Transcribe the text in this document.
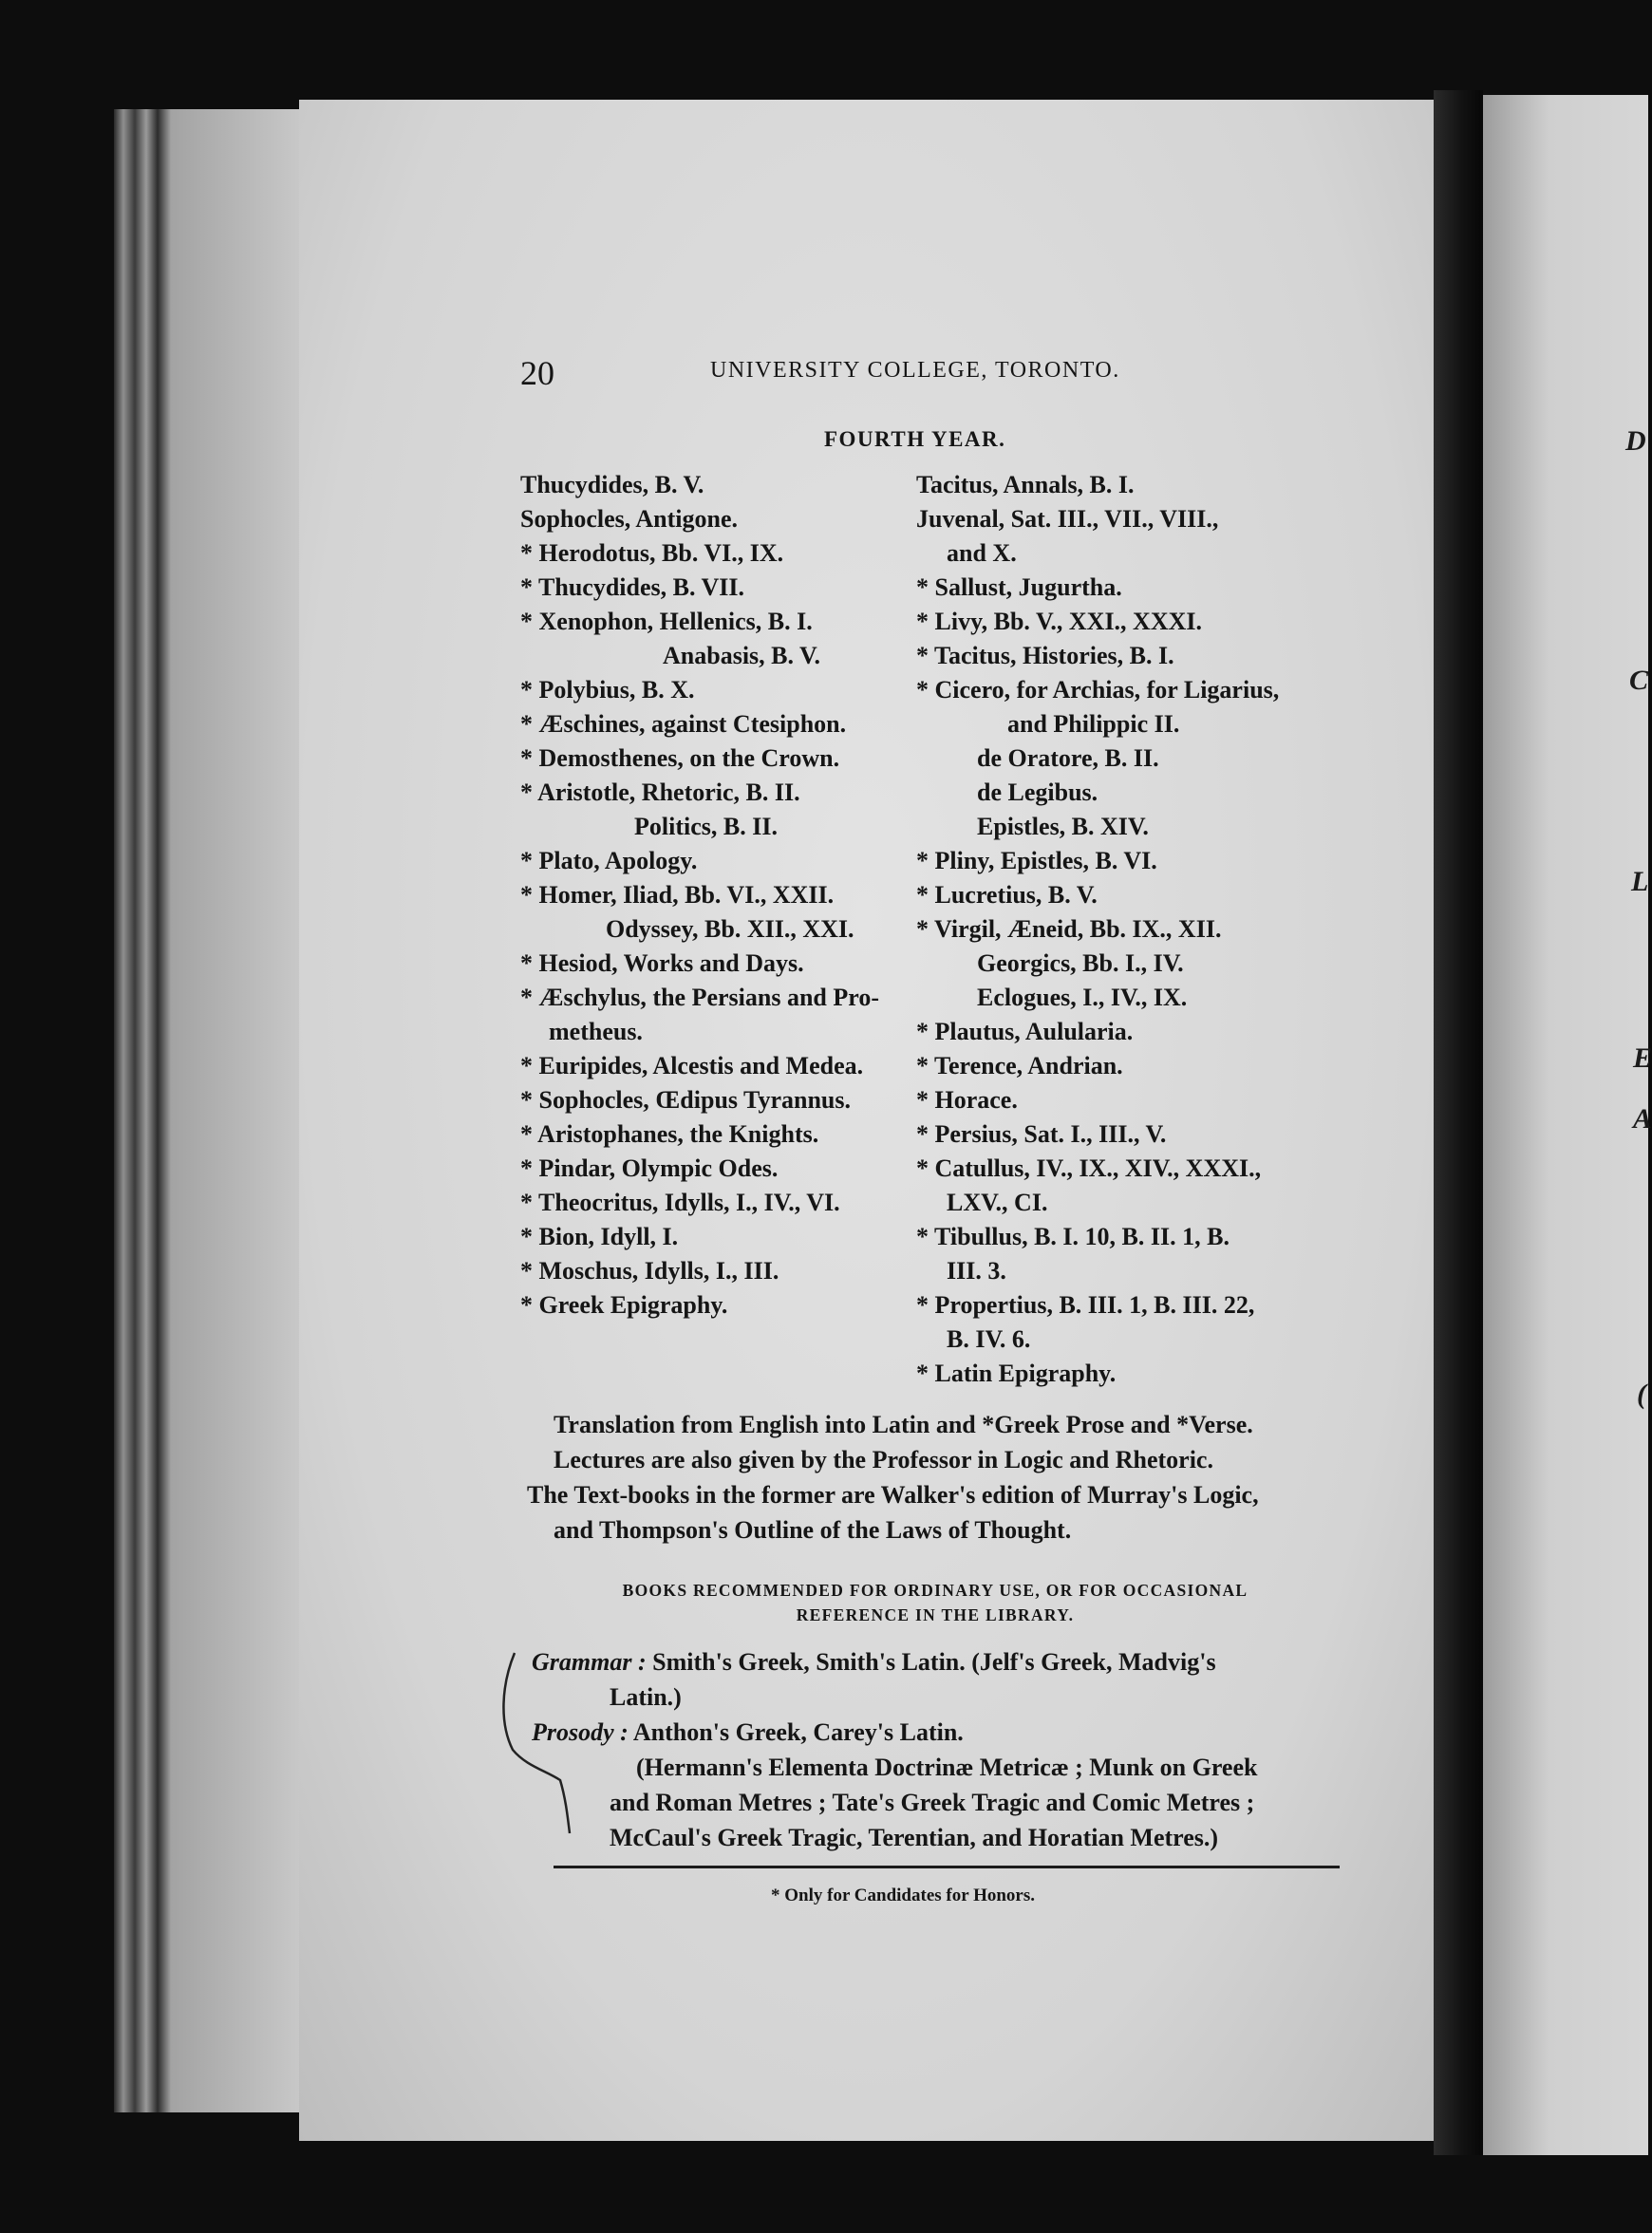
D
C
L
E
A
(
20	UNIVERSITY COLLEGE, TORONTO.
FOURTH YEAR.
Thucydides, B. V.
Sophocles, Antigone.
* Herodotus, Bb. VI., IX.
* Thucydides, B. VII.
* Xenophon, Hellenics, B. I.
Anabasis, B. V.
* Polybius, B. X.
* Æschines, against Ctesiphon.
* Demosthenes, on the Crown.
* Aristotle, Rhetoric, B. II.
Politics, B. II.
* Plato, Apology.
* Homer, Iliad, Bb. VI., XXII.
Odyssey, Bb. XII., XXI.
* Hesiod, Works and Days.
* Æschylus, the Persians and Pro-
metheus.
* Euripides, Alcestis and Medea.
* Sophocles, Œdipus Tyrannus.
* Aristophanes, the Knights.
* Pindar, Olympic Odes.
* Theocritus, Idylls, I., IV., VI.
* Bion, Idyll, I.
* Moschus, Idylls, I., III.
* Greek Epigraphy.
Tacitus, Annals, B. I.
Juvenal, Sat. III., VII., VIII.,
and X.
* Sallust, Jugurtha.
* Livy, Bb. V., XXI., XXXI.
* Tacitus, Histories, B. I.
* Cicero, for Archias, for Ligarius,
and Philippic II.
de Oratore, B. II.
de Legibus.
Epistles, B. XIV.
* Pliny, Epistles, B. VI.
* Lucretius, B. V.
* Virgil, Æneid, Bb. IX., XII.
Georgics, Bb. I., IV.
Eclogues, I., IV., IX.
* Plautus, Aulularia.
* Terence, Andrian.
* Horace.
* Persius, Sat. I., III., V.
* Catullus, IV., IX., XIV., XXXI.,
LXV., CI.
* Tibullus, B. I. 10, B. II. 1, B.
III. 3.
* Propertius, B. III. 1, B. III. 22,
B. IV. 6.
* Latin Epigraphy.
Translation from English into Latin and *Greek Prose and *Verse.
Lectures are also given by the Professor in Logic and Rhetoric.
The Text-books in the former are Walker's edition of Murray's Logic,
and Thompson's Outline of the Laws of Thought.
BOOKS RECOMMENDED FOR ORDINARY USE, OR FOR OCCASIONAL
REFERENCE IN THE LIBRARY.
Grammar : Smith's Greek, Smith's Latin. (Jelf's Greek, Madvig's
Latin.)
Prosody : Anthon's Greek, Carey's Latin.
(Hermann's Elementa Doctrinæ Metricæ ; Munk on Greek
and Roman Metres ; Tate's Greek Tragic and Comic Metres ;
McCaul's Greek Tragic, Terentian, and Horatian Metres.)
* Only for Candidates for Honors.
